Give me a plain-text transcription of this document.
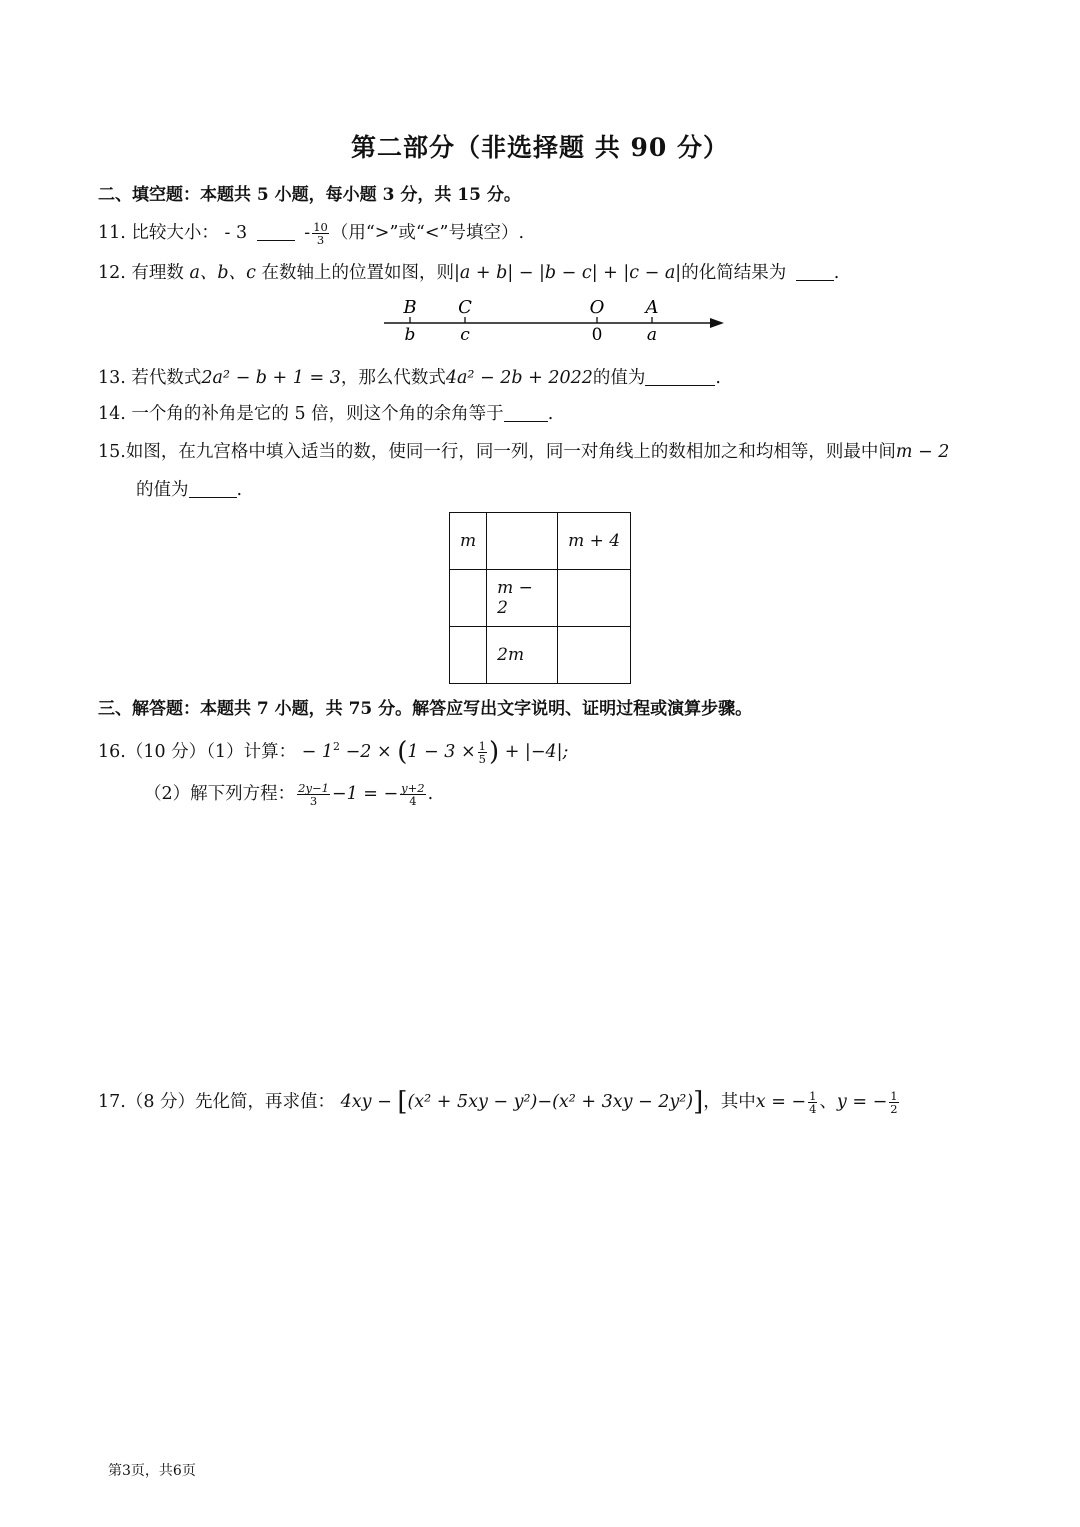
第二部分（非选择题 共 90 分）
二、填空题：本题共 5 小题，每小题 3 分，共 15 分。
11. 比较大小： - 3	- $\frac{10}{3}$ （用“>”或“<”号填空）.
12. 有理数 a、b、c 在数轴上的位置如图，则|a + b| − |b − c| + |c − a|的化简结果为	.
B
b
C
c
O
0
A
a
13. 若代数式2a² − b + 1 = 3，那么代数式4a² − 2b + 2022的值为	.
14. 一个角的补角是它的 5 倍，则这个角的余角等于	.
15.如图，在九宫格中填入适当的数，使同一行，同一列，同一对角线上的数相加之和均相等，则最中间m − 2
的值为	.
m		m + 4
	m − 2	
	2m	
三、解答题：本题共 7 小题，共 75 分。解答应写出文字说明、证明过程或演算步骤。
16.（10 分）（1）计算： − $1^2 -2 \times (1 - 3 \times \frac{1}{5}$ ) + |−4|;
（2）解下列方程： $\frac{2y-1}{3} -1$ = − $\frac{y+2}{4}$ .
17.（8 分）先化简，再求值： 4xy − [(x² + 5xy − y²)−(x² + 3xy − 2y²)]，其中x = − $\frac{1}{4}$ 、y = − $\frac{1}{2}$
第3页，共6页
